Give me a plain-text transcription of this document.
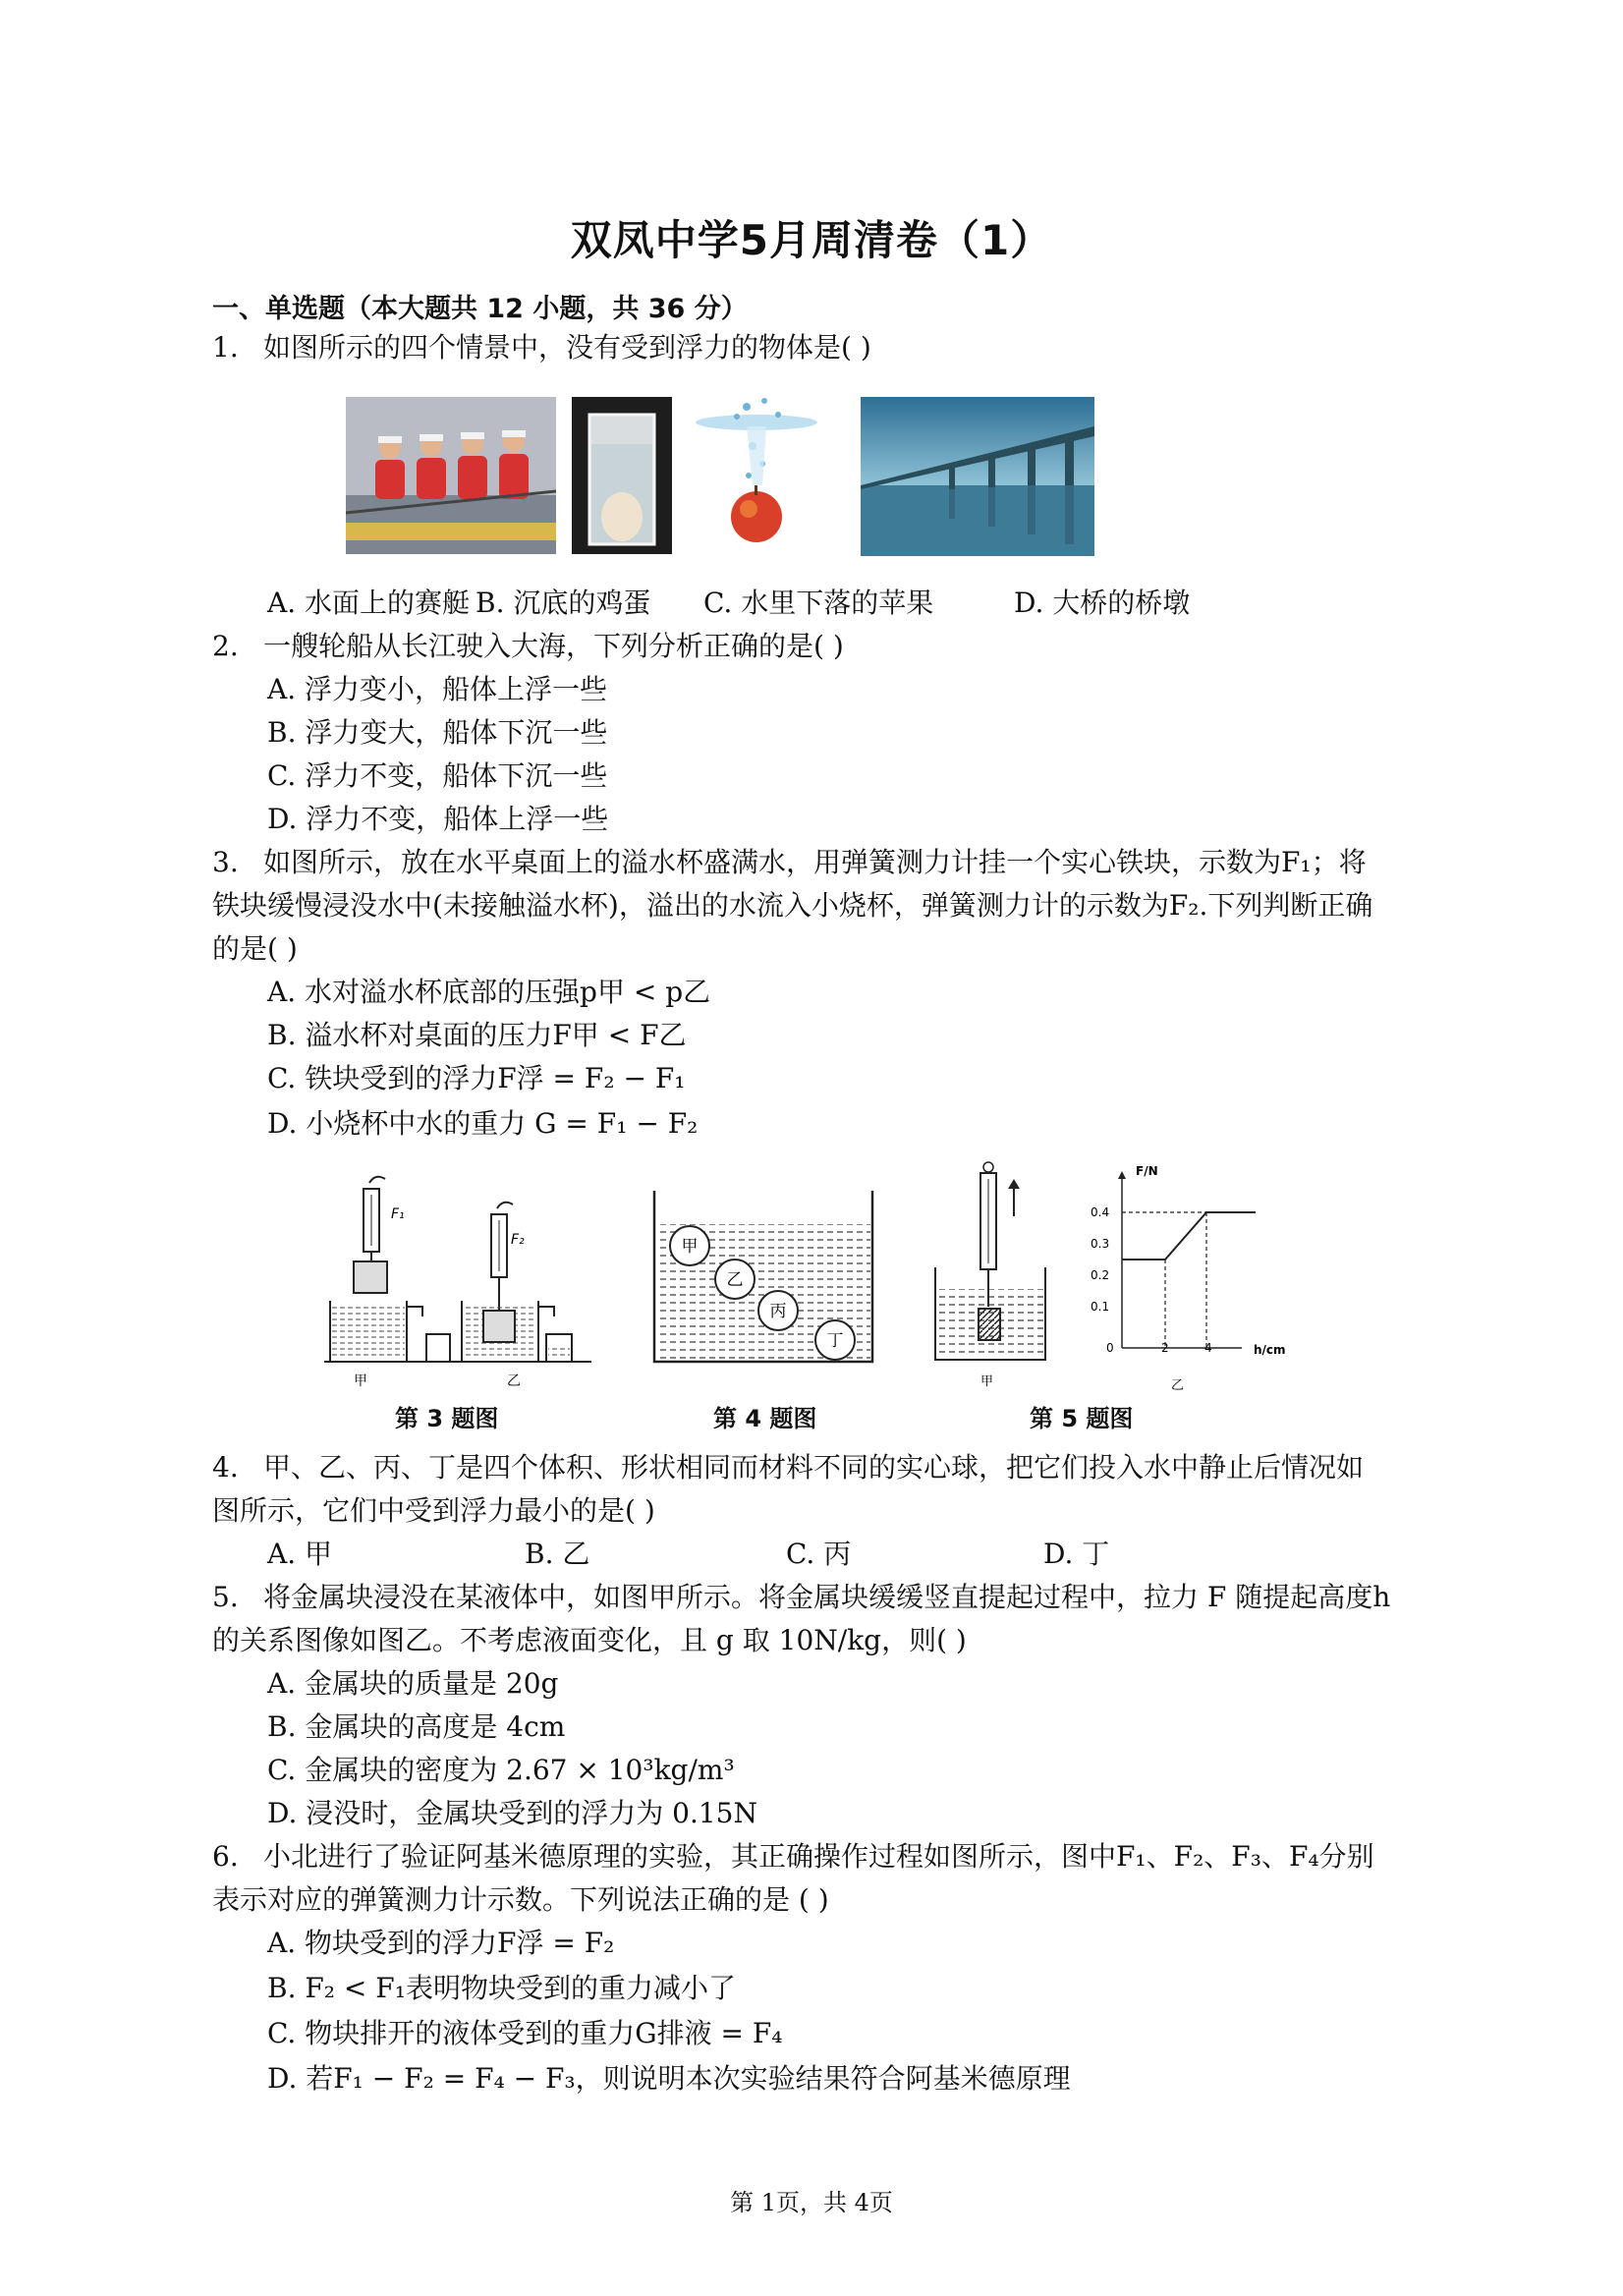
双凤中学5月周清卷（1）
一、单选题（本大题共 12 小题，共 36 分）
1. 如图所示的四个情景中，没有受到浮力的物体是( )
A. 水面上的赛艇 B. 沉底的鸡蛋 C. 水里下落的苹果	D. 大桥的桥墩
2. 一艘轮船从长江驶入大海，下列分析正确的是( )
A. 浮力变小，船体上浮一些
B. 浮力变大，船体下沉一些
C. 浮力不变，船体下沉一些
D. 浮力不变，船体上浮一些
3. 如图所示，放在水平桌面上的溢水杯盛满水，用弹簧测力计挂一个实心铁块，示数为F₁；将
铁块缓慢浸没水中(未接触溢水杯)，溢出的水流入小烧杯，弹簧测力计的示数为F₂.下列判断正确
的是( )
A. 水对溢水杯底部的压强p甲 < p乙
B. 溢水杯对桌面的压力F甲 < F乙
C. 铁块受到的浮力F浮 = F₂ − F₁
D. 小烧杯中水的重力 G = F₁ − F₂
F₁
F₂
甲	乙
甲
乙
丙
丁
甲
F/N
h/cm
0.4
0.3
0.2
0.1
0	2	4
乙
第 3 题图	第 4 题图	第 5 题图
4. 甲、乙、丙、丁是四个体积、形状相同而材料不同的实心球，把它们投入水中静止后情况如
图所示，它们中受到浮力最小的是( )
A. 甲	B. 乙	C. 丙	D. 丁
5. 将金属块浸没在某液体中，如图甲所示。将金属块缓缓竖直提起过程中，拉力 F 随提起高度h
的关系图像如图乙。不考虑液面变化，且 g 取 10N/kg，则( )
A. 金属块的质量是 20g
B. 金属块的高度是 4cm
C. 金属块的密度为 2.67 × 10³kg/m³
D. 浸没时，金属块受到的浮力为 0.15N
6. 小北进行了验证阿基米德原理的实验，其正确操作过程如图所示，图中F₁、F₂、F₃、F₄分别
表示对应的弹簧测力计示数。下列说法正确的是 ( )
A. 物块受到的浮力F浮 = F₂
B. F₂ < F₁表明物块受到的重力减小了
C. 物块排开的液体受到的重力G排液 = F₄
D. 若F₁ − F₂ = F₄ − F₃，则说明本次实验结果符合阿基米德原理
第 1页，共 4页
